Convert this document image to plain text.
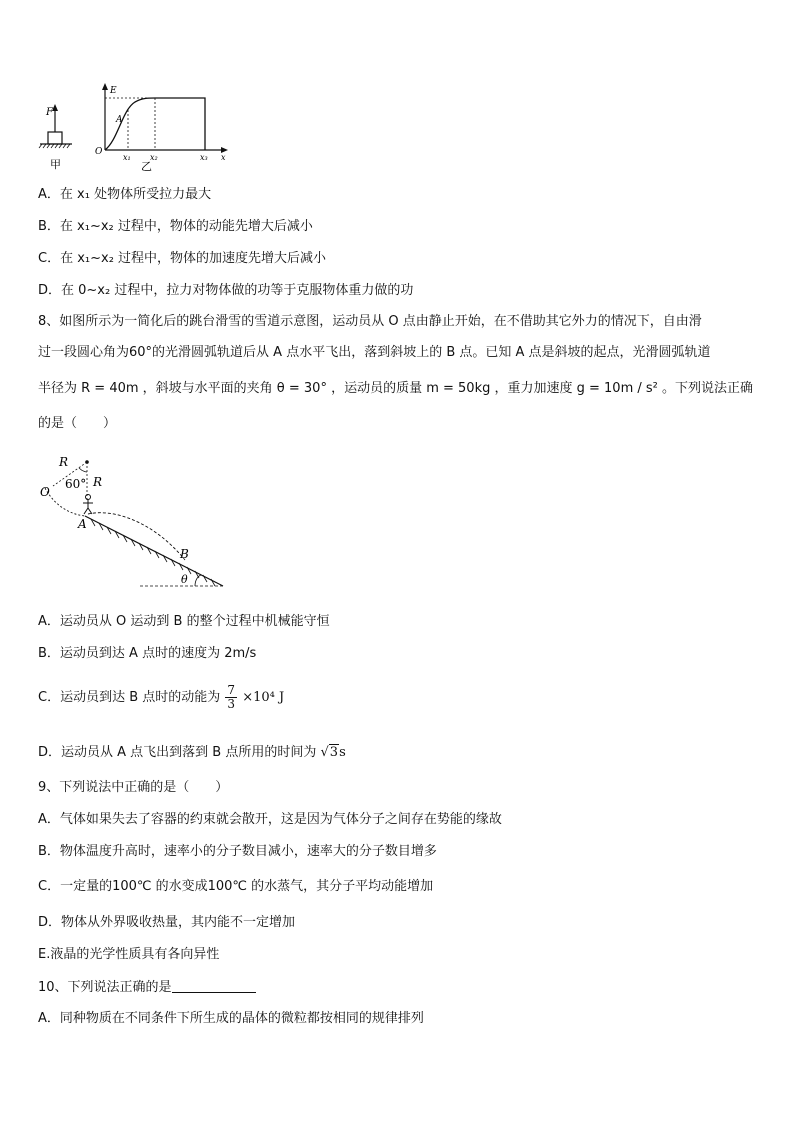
F
甲
E
O
A
x
x₁ x₂	x₃
乙
A．在 x₁ 处物体所受拉力最大
B．在 x₁~x₂ 过程中，物体的动能先增大后减小
C．在 x₁~x₂ 过程中，物体的加速度先增大后减小
D．在 0~x₂ 过程中，拉力对物体做的功等于克服物体重力做的功
8、如图所示为一简化后的跳台滑雪的雪道示意图，运动员从 O 点由静止开始，在不借助其它外力的情况下，自由滑
过一段圆心角为60°的光滑圆弧轨道后从 A 点水平飞出，落到斜坡上的 B 点。已知 A 点是斜坡的起点，光滑圆弧轨道
半径为 R = 40m ，斜坡与水平面的夹角 θ = 30° ，运动员的质量 m = 50kg ，重力加速度 g = 10m / s² 。下列说法正确
的是（　　）
R
60° R
O
A
B
θ
A．运动员从 O 运动到 B 的整个过程中机械能守恒
B．运动员到达 A 点时的速度为 2m/s
C．运动员到达 B 点时的动能为 $\frac{7}{3} \times 10^4$ J
D．运动员从 A 点飞出到落到 B 点所用的时间为 √3s
9、下列说法中正确的是（　　）
A．气体如果失去了容器的约束就会散开，这是因为气体分子之间存在势能的缘故
B．物体温度升高时，速率小的分子数目减小，速率大的分子数目增多
C．一定量的100℃ 的水变成100℃ 的水蒸气，其分子平均动能增加
D．物体从外界吸收热量，其内能不一定增加
E.液晶的光学性质具有各向异性
10、下列说法正确的是
A．同种物质在不同条件下所生成的晶体的微粒都按相同的规律排列
